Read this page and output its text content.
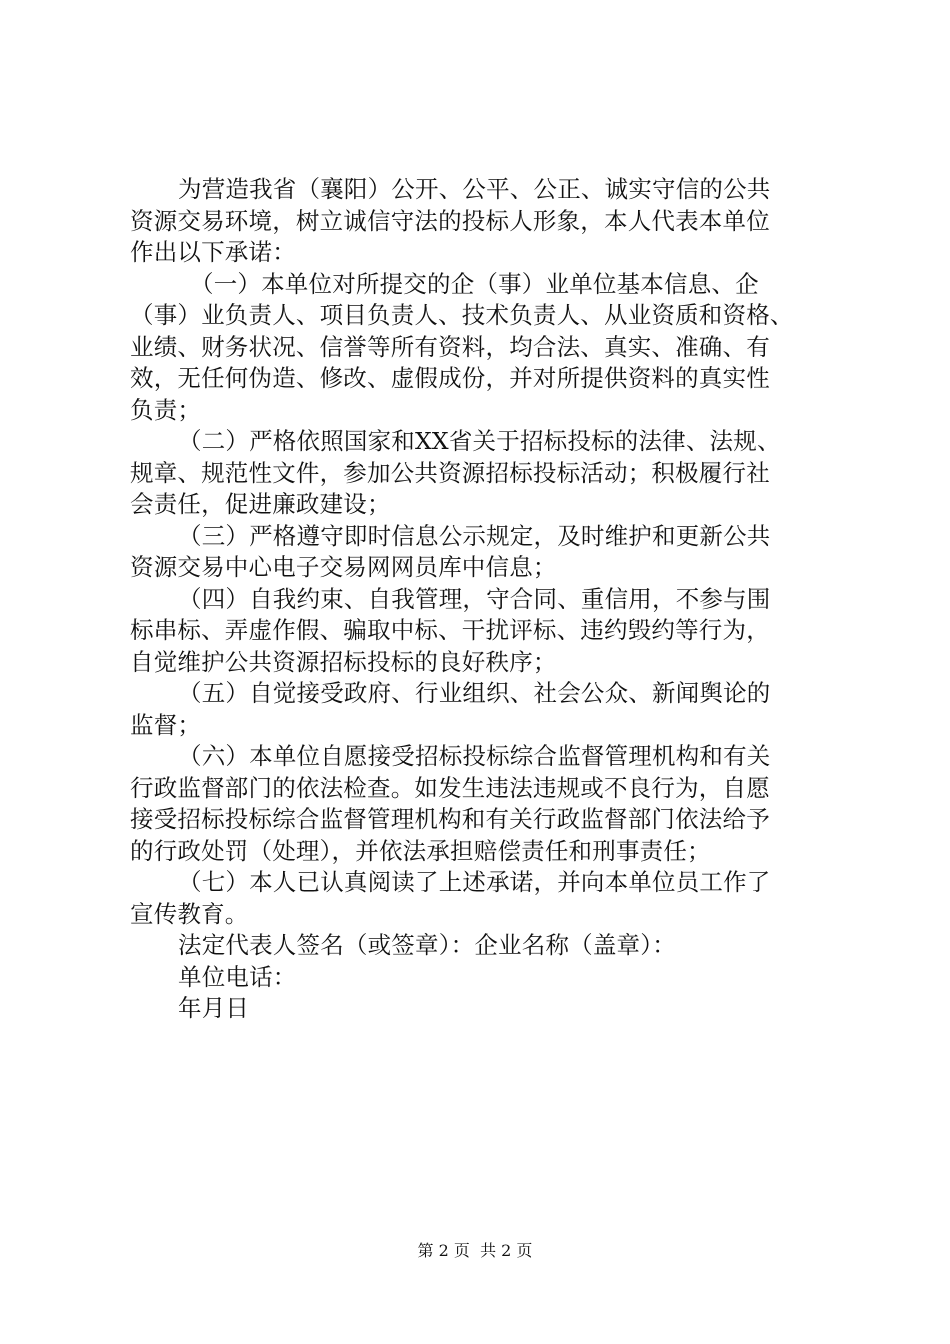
为营造我省（襄阳）公开、公平、公正、诚实守信的公共
资源交易环境，树立诚信守法的投标人形象，本人代表本单位
作出以下承诺：
（一）本单位对所提交的企（事）业单位基本信息、企
（事）业负责人、项目负责人、技术负责人、从业资质和资格、
业绩、财务状况、信誉等所有资料，均合法、真实、准确、有
效，无任何伪造、修改、虚假成份，并对所提供资料的真实性
负责；
（二）严格依照国家和XX省关于招标投标的法律、法规、
规章、规范性文件，参加公共资源招标投标活动；积极履行社
会责任，促进廉政建设；
（三）严格遵守即时信息公示规定，及时维护和更新公共
资源交易中心电子交易网网员库中信息；
（四）自我约束、自我管理，守合同、重信用，不参与围
标串标、弄虚作假、骗取中标、干扰评标、违约毁约等行为，
自觉维护公共资源招标投标的良好秩序；
（五）自觉接受政府、行业组织、社会公众、新闻舆论的
监督；
（六）本单位自愿接受招标投标综合监督管理机构和有关
行政监督部门的依法检查。如发生违法违规或不良行为，自愿
接受招标投标综合监督管理机构和有关行政监督部门依法给予
的行政处罚（处理），并依法承担赔偿责任和刑事责任；
（七）本人已认真阅读了上述承诺，并向本单位员工作了
宣传教育。
法定代表人签名（或签章）：企业名称（盖章）：
单位电话：
年月日
第 2 页  共 2 页
